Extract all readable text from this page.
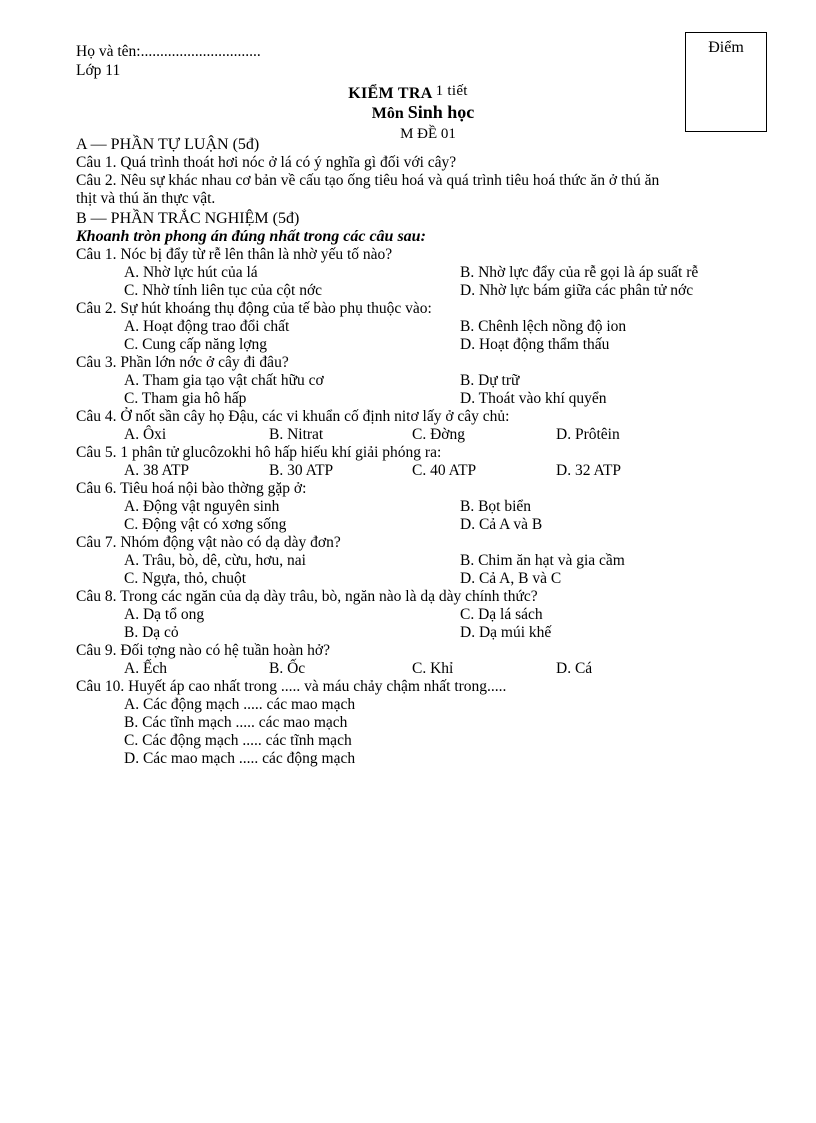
Họ và tên:...............................
Lớp 11
Điểm
KIỂM TRA 1 tiết
Môn Sinh học
M ĐỀ 01
A — PHẦN TỰ LUẬN (5đ)
Câu 1. Quá trình thoát hơi nóc ở lá có ý nghĩa gì đối với cây?
Câu 2. Nêu sự khác nhau cơ bản về cấu tạo ống tiêu hoá và quá trình tiêu hoá thức ăn ở thú ăn
thịt và thú ăn thực vật.
B — PHẦN TRẮC NGHIỆM (5đ)
Khoanh tròn phong án đúng nhất trong các câu sau:
Câu 1. Nóc bị đẩy từ rễ lên thân là nhờ yếu tố nào?
A. Nhờ lực hút của lá	B. Nhờ lực đẩy của rễ gọi là áp suất rễ
C. Nhờ tính liên tục của cột nớc	D. Nhờ lực bám giữa các phân tử nớc
Câu 2. Sự hút khoáng thụ động của tế bào phụ thuộc vào:
A. Hoạt động trao đổi chất	B. Chênh lệch nồng độ ion
C. Cung cấp năng lợng	D. Hoạt động thẩm thấu
Câu 3. Phần lớn nớc ở cây đi đâu?
A. Tham gia tạo vật chất hữu cơ	B. Dự trữ
C. Tham gia hô hấp	D. Thoát vào khí quyển
Câu 4. Ở nốt sần cây họ Đậu, các vi khuẩn cố định nitơ lấy ở cây chủ:
A. Ôxi	B. Nitrat	C. Đờng	D. Prôtêin
Câu 5. 1 phân tử glucôzokhi hô hấp hiếu khí giải phóng ra:
A. 38 ATP	B. 30 ATP	C. 40 ATP	D. 32 ATP
Câu 6. Tiêu hoá nội bào thờng gặp ở:
A. Động vật nguyên sinh	B. Bọt biển
C. Động vật có xơng sống	D. Cả A và B
Câu 7. Nhóm động vật nào có dạ dày đơn?
A. Trâu, bò, dê, cừu, hơu, nai	B. Chim ăn hạt và gia cầm
C. Ngựa, thỏ, chuột	D. Cả A, B và C
Câu 8. Trong các ngăn của dạ dày trâu, bò, ngăn nào là dạ dày chính thức?
A. Dạ tổ ong	C. Dạ lá sách
B. Dạ cỏ	D. Dạ múi khế
Câu 9. Đối tợng nào có hệ tuần hoàn hở?
A. Ếch	B. Ốc	C. Khỉ	D. Cá
Câu 10. Huyết áp cao nhất trong ..... và máu chảy chậm nhất trong.....
A. Các động mạch ..... các mao mạch
B. Các tĩnh mạch ..... các mao mạch
C. Các động mạch ..... các tĩnh mạch
D. Các mao mạch ..... các động mạch
